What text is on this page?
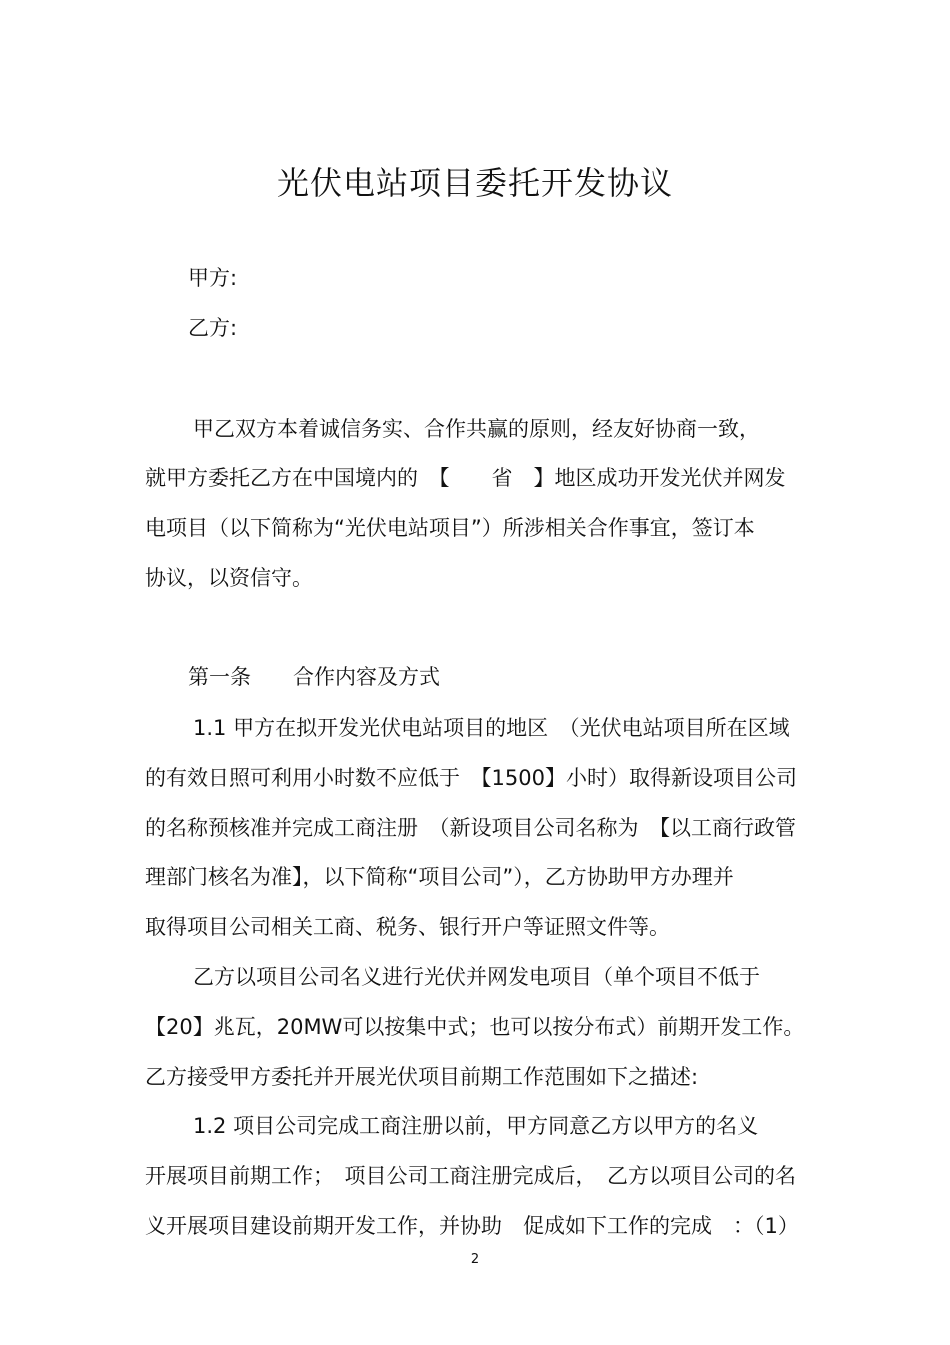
光伏电站项目委托开发协议
甲方:
乙方:
甲乙双方本着诚信务实、合作共赢的原则，经友好协商一致，
就甲方委托乙方在中国境内的　【　　省　】地区成功开发光伏并网发
电项目（以下简称为“光伏电站项目”）所涉相关合作事宜，签订本
协议，以资信守。
第一条　　合作内容及方式
1.1 甲方在拟开发光伏电站项目的地区　（光伏电站项目所在区域
的有效日照可利用小时数不应低于　【1500】小时）取得新设项目公司
的名称预核准并完成工商注册　（新设项目公司名称为　【以工商行政管
理部门核名为准】，以下简称“项目公司”），乙方协助甲方办理并
取得项目公司相关工商、税务、银行开户等证照文件等。
乙方以项目公司名义进行光伏并网发电项目（单个项目不低于
【20】兆瓦，20MW可以按集中式；也可以按分布式）前期开发工作。
乙方接受甲方委托并开展光伏项目前期工作范围如下之描述:
1.2 项目公司完成工商注册以前，甲方同意乙方以甲方的名义
开展项目前期工作；　项目公司工商注册完成后，　乙方以项目公司的名
义开展项目建设前期开发工作，并协助　促成如下工作的完成　：（1）
2
